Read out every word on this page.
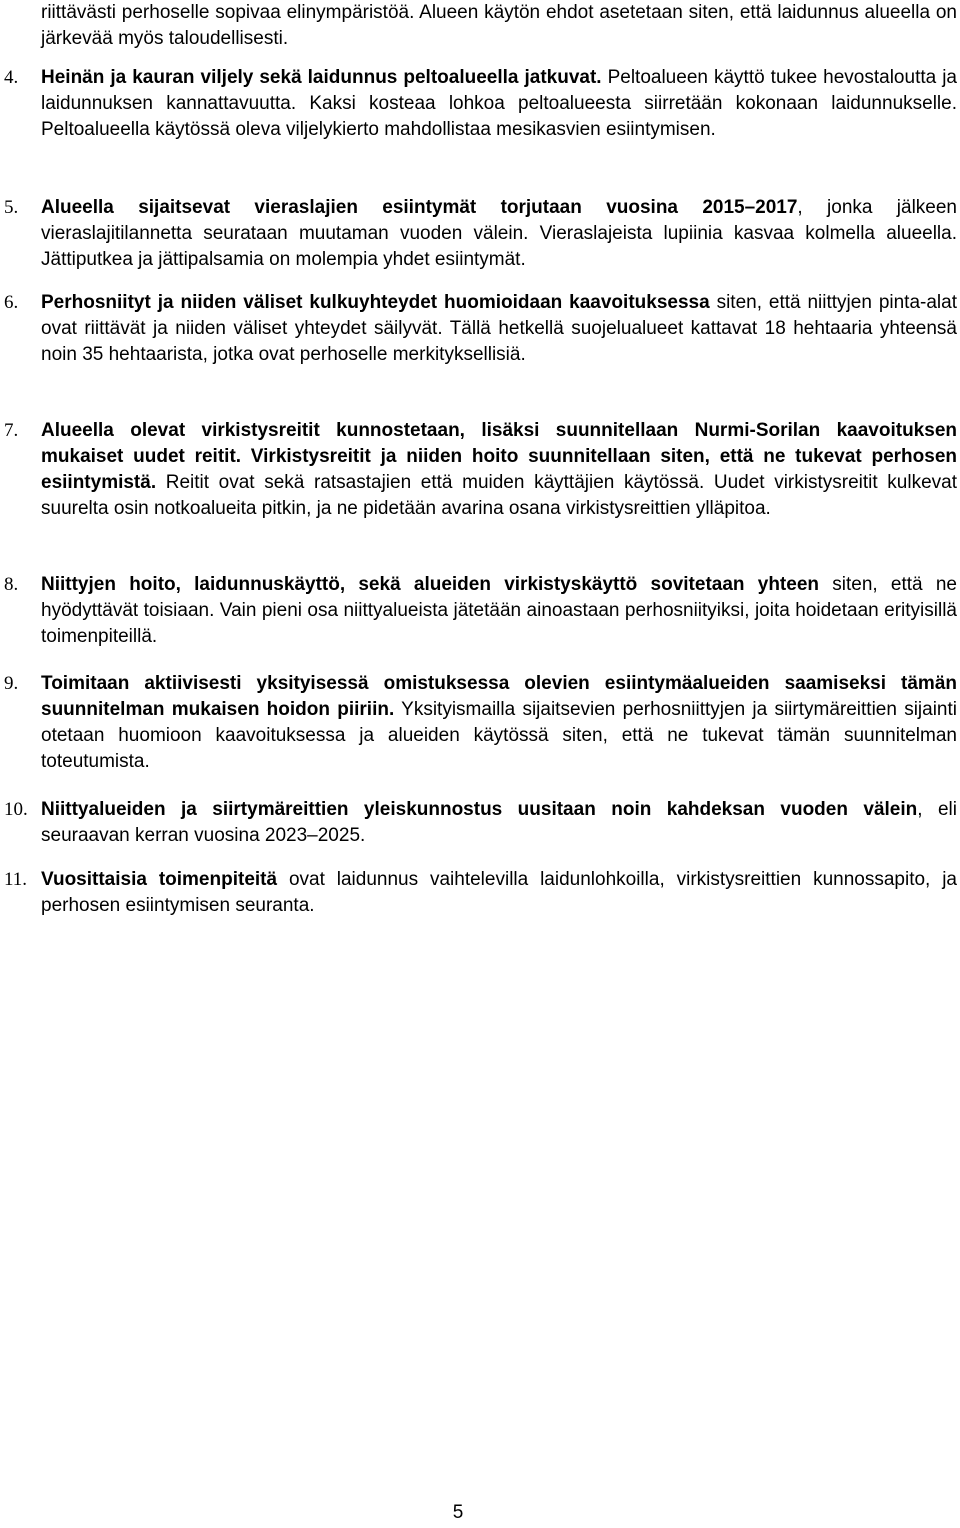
riittävästi perhoselle sopivaa elinympäristöä. Alueen käytön ehdot asetetaan siten, että laidunnus alueella on järkevää myös taloudellisesti.

4. Heinän ja kauran viljely sekä laidunnus peltoalueella jatkuvat. Peltoalueen käyttö tukee hevostaloutta ja laidunnuksen kannattavuutta. Kaksi kosteaa lohkoa peltoalueesta siirretään kokonaan laidunnukselle. Peltoalueella käytössä oleva viljelykierto mahdollistaa mesikasvien esiintymisen.

5. Alueella sijaitsevat vieraslajien esiintymät torjutaan vuosina 2015–2017, jonka jälkeen vieraslajitilannetta seurataan muutaman vuoden välein. Vieraslajeista lupiinia kasvaa kolmella alueella. Jättiputkea ja jättipalsamia on molempia yhdet esiintymät.

6. Perhosniityt ja niiden väliset kulkuyhteydet huomioidaan kaavoituksessa siten, että niittyjen pinta-alat ovat riittävät ja niiden väliset yhteydet säilyvät. Tällä hetkellä suojelualueet kattavat 18 hehtaaria yhteensä noin 35 hehtaarista, jotka ovat perhoselle merkityksellisiä.

7. Alueella olevat virkistysreitit kunnostetaan, lisäksi suunnitellaan Nurmi-Sorilan kaavoituksen mukaiset uudet reitit. Virkistysreitit ja niiden hoito suunnitellaan siten, että ne tukevat perhosen esiintymistä. Reitit ovat sekä ratsastajien että muiden käyttäjien käytössä. Uudet virkistysreitit kulkevat suurelta osin notkoalueita pitkin, ja ne pidetään avarina osana virkistysreittien ylläpitoa.

8. Niittyjen hoito, laidunnuskäyttö, sekä alueiden virkistyskäyttö sovitetaan yhteen siten, että ne hyödyttävät toisiaan. Vain pieni osa niittyalueista jätetään ainoastaan perhosniityiksi, joita hoidetaan erityisillä toimenpiteillä.

9. Toimitaan aktiivisesti yksityisessä omistuksessa olevien esiintymäalueiden saamiseksi tämän suunnitelman mukaisen hoidon piiriin. Yksityismailla sijaitsevien perhosniittyjen ja siirtymäreittien sijainti otetaan huomioon kaavoituksessa ja alueiden käytössä siten, että ne tukevat tämän suunnitelman toteutumista.

10. Niittyalueiden ja siirtymäreittien yleiskunnostus uusitaan noin kahdeksan vuoden välein, eli seuraavan kerran vuosina 2023–2025.

11. Vuosittaisia toimenpiteitä ovat laidunnus vaihtelevilla laidunlohkoilla, virkistysreittien kunnossapito, ja perhosen esiintymisen seuranta.

5
